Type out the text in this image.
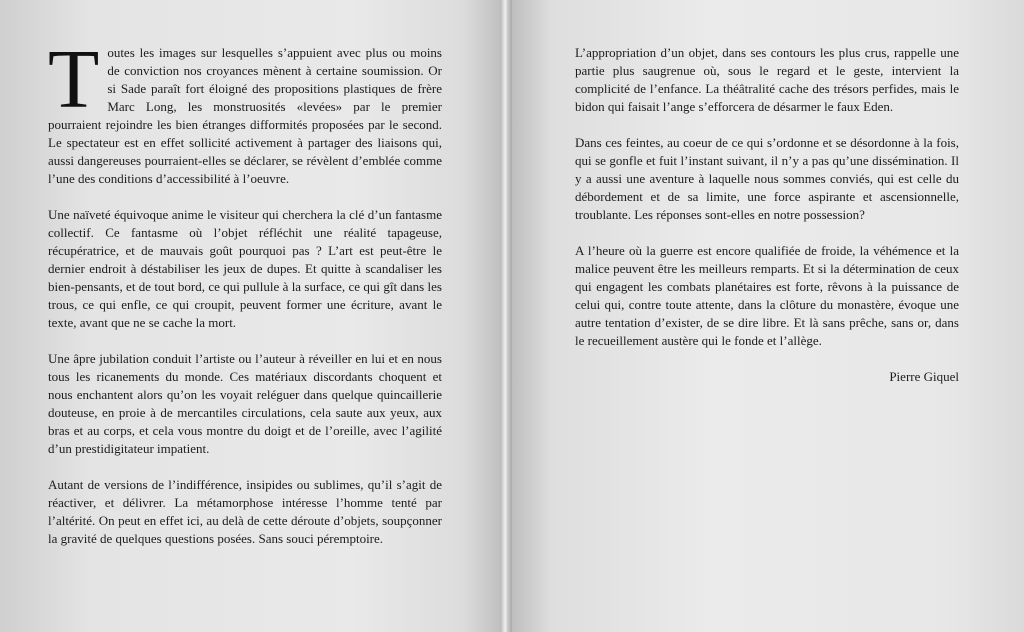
Toutes les images sur lesquelles s’appuient avec plus ou moins de conviction nos croyances mènent à certaine soumission. Or si Sade paraît fort éloigné des propositions plastiques de frère Marc Long, les monstruosités «levées» par le premier pourraient rejoindre les bien étranges difformités proposées par le second. Le spectateur est en effet sollicité activement à partager des liaisons qui, aussi dangereuses pourraient-elles se déclarer, se révèlent d’emblée comme l’une des conditions d’accessibilité à l’oeuvre.

Une naïveté équivoque anime le visiteur qui cherchera la clé d’un fantasme collectif. Ce fantasme où l’objet réfléchit une réalité tapageuse, récupératrice, et de mauvais goût pourquoi pas ? L’art est peut-être le dernier endroit à déstabiliser les jeux de dupes. Et quitte à scandaliser les bien-pensants, et de tout bord, ce qui pullule à la surface, ce qui gît dans les trous, ce qui enfle, ce qui croupit, peuvent former une écriture, avant le texte, avant que ne se cache la mort.

Une âpre jubilation conduit l’artiste ou l’auteur à réveiller en lui et en nous tous les ricanements du monde. Ces matériaux discordants choquent et nous enchantent alors qu’on les voyait reléguer dans quelque quincaillerie douteuse, en proie à de mercantiles circulations, cela saute aux yeux, aux bras et au corps, et cela vous montre du doigt et de l’oreille, avec l’agilité d’un prestidigitateur impatient.

Autant de versions de l’indifférence, insipides ou sublimes, qu’il s’agit de réactiver, et délivrer. La métamorphose intéresse l’homme tenté par l’altérité. On peut en effet ici, au delà de cette déroute d’objets, soupçonner la gravité de quelques questions posées. Sans souci péremptoire.

L’appropriation d’un objet, dans ses contours les plus crus, rappelle une partie plus saugrenue où, sous le regard et le geste, intervient la complicité de l’enfance. La théâtralité cache des trésors perfides, mais le bidon qui faisait l’ange s’efforcera de désarmer le faux Eden.

Dans ces feintes, au coeur de ce qui s’ordonne et se désordonne à la fois, qui se gonfle et fuit l’instant suivant, il n’y a pas qu’une dissémination. Il y a aussi une aventure à laquelle nous sommes conviés, qui est celle du débordement et de sa limite, une force aspirante et ascensionnelle, troublante. Les réponses sont-elles en notre possession?

A l’heure où la guerre est encore qualifiée de froide, la véhémence et la malice peuvent être les meilleurs remparts. Et si la détermination de ceux qui engagent les combats planétaires est forte, rêvons à la puissance de celui qui, contre toute attente, dans la clôture du monastère, évoque une autre tentation d’exister, de se dire libre. Et là sans prêche, sans or, dans le recueillement austère qui le fonde et l’allège.

Pierre Giquel
